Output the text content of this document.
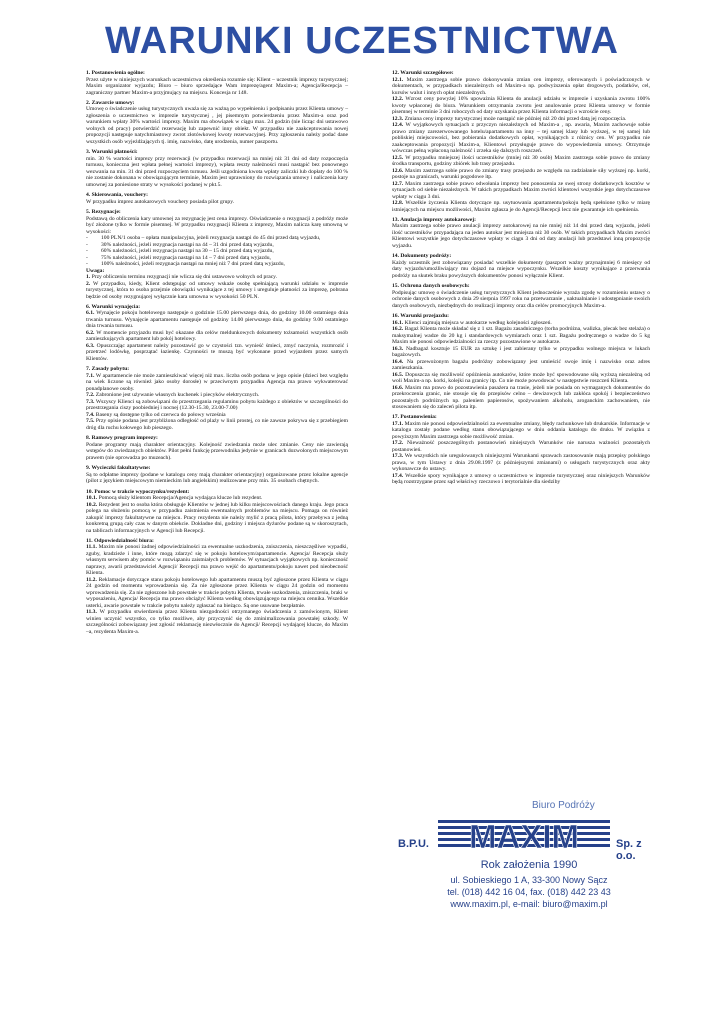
WARUNKI UCZESTNICTWA
1. Postanowienia ogólne:
Przez użyte w niniejszych warunkach uczestnictwa określenia rozumie się: Klient – uczestnik imprezy turystycznej; Maxim organizator wyjazdu; Biuro – biuro sprzedające Wam imprezę/agent Maxim-a; Agencja/Recepcja – zagraniczny partner Maxim-a przyjmujący na miejscu. Koncesja nr 148.
2. Zawarcie umowy:
Umowę o świadczenie usług turystycznych uważa się za ważną po wypełnieniu i podpisaniu przez Klienta umowy – zgłoszenia o uczestnictwo w imprezie turystycznej , jej pisemnym potwierdzeniu przez Maxim-a oraz pod warunkiem wpłaty 30% wartości imprezy. Maxim ma obowiązek w ciągu max. 24 godzin (nie licząc dni ustawowo wolnych od pracy) potwierdzić rezerwację lub zapewnić inny obiekt. W przypadku nie zaakceptowania nowej propozycji następuje natychmiastowy zwrot złotówkowej kwoty rezerwacyjnej. Przy zgłoszeniu należy podać dane wszystkich osób wyjeżdżających tj. imię, nazwisko, datę urodzenia, numer paszportu.
3. Warunki płatności:
min. 30 % wartości imprezy przy rezerwacji (w przypadku rezerwacji na mniej niż 31 dni od daty rozpoczęcia turnusu, konieczna jest wpłata pełnej wartości imprezy), wpłata reszty należności musi nastąpić bez ponownego wezwania na min. 31 dni przed rozpoczęciem turnusu. Jeśli uzgodniona kwota wpłaty zaliczki lub dopłaty do 100 % nie zostanie dokonana w obowiązującym terminie, Maxim jest uprawniony do rozwiązania umowy i naliczenia kary umownej za poniesione straty w wysokości podanej w pkt.5.
4. Skierowania, vouchery:
W przypadku imprez autokarowych vouchery posiada pilot grupy.
5. Rezygnacje:
Podstawą do obliczenia kary umownej za rezygnację jest cena imprezy. Oświadczenie o rezygnacji z podróży może być złożone tylko w formie pisemnej. W przypadku rezygnacji Klienta z imprezy, Maxim nalicza karę umowną w wysokości:
- 100 PLN/1 osoba – opłata manipulacyjna, jeżeli rezygnacja nastąpi do 45 dni przed datą wyjazdu,
- 30% należności, jeżeli rezygnacja nastąpi na 44 – 31 dni przed datą wyjazdu,
- 60% należności, jeżeli rezygnacja nastąpi na 30 – 15 dni przed datą wyjazdu,
- 75% należności, jeżeli rezygnacja nastąpi na 14 – 7 dni przed datą wyjazdu,
- 100% należności, jeżeli rezygnacja nastąpi na mniej niż 7 dni przed datą wyjazdu,
Uwaga:
1. Przy obliczeniu terminu rezygnacji nie wlicza się dni ustawowo wolnych od pracy.
2. W przypadku, kiedy, Klient odstępując od umowy wskaże osobę spełniającą warunki udziału w imprezie turystycznej, która to osoba przejmie obowiązki wynikające z tej umowy i ureguluje płatności za imprezę, pobrana będzie od osoby rezygnującej wyłącznie kara umowna w wysokości 50 PLN.
6. Warunki wynajęcia:
6.1. Wynajęcie pokoju hotelowego następuje o godzinie 15.00 pierwszego dnia, do godziny 10.00 ostatniego dnia trwania turnusu. Wynajęcie apartamentu następuje od godziny 14.00 pierwszego dnia, do godziny 9.00 ostatniego dnia trwania turnusu.
6.2. W momencie przyjazdu musi być okazane dla celów meldunkowych dokumenty tożsamości wszystkich osób zamieszkujących apartament lub pokój hotelowy.
6.3. Opuszczając apartament należy pozostawić go w czystości tzn. wynieść śmieci, zmyć naczynia, rozmrozić i przetrzeć lodówkę, posprzątać łazienkę. Czynności te muszą być wykonane przed wyjazdem przez samych Klientów.
7. Zasady pobytu:
7.1. W apartamencie nie może zamieszkiwać więcej niż max. liczba osób podana w jego opisie (dzieci bez względu na wiek liczone są również jako osoby dorosłe) w przeciwnym przypadku Agencja ma prawo wykwaterować ponadplanowe osoby.
7.2. Zabronione jest używanie własnych kuchenek i piecyków elektrycznych.
7.3. Wszyscy Klienci są zobowiązani do przestrzegania regulaminu pobytu każdego z obiektów w szczególności do przestrzegania ciszy poobiedniej i nocnej (12.30-15.30, 23.00-7.00)
7.4. Baseny są dostępne tylko od czerwca do połowy września
7.5. Przy opisie podana jest przybliżona odległość od plaży w linii prostej, co nie zawsze pokrywa się z przebiegiem dróg dla ruchu kołowego lub pieszego.
8. Ramowy program imprezy:
Podane programy mają charakter orientacyjny. Kolejność zwiedzania może ulec zmianie. Ceny nie zawierają wstępów do zwiedzanych obiektów. Pilot pełni funkcję przewodnika jedynie w granicach dozwolonych miejscowym prawem (nie oprowadza po muzeach).
9. Wycieczki fakultatywne:
Są to odpłatne imprezy (podane w katalogu ceny mają charakter orientacyjny) organizowane przez lokalne agencje (pilot z językiem miejscowym niemieckim lub angielskim) realizowane przy min. 35 osobach chętnych.
10. Pomoc w trakcie wypoczynku/rezydent:
10.1. Pomocą służy klientom Recepcja/Agencja wydająca klucze lub rezydent.
10.2. Rezydent jest to osoba która obsługuje Klientów w jednej lub kilku miejscowościach danego kraju. Jego praca polega na służeniu pomocą w przypadku zaistnienia ewentualnych problemów na miejscu. Pomaga on również zakupić imprezy fakultatywne na miejscu. Pracy rezydenta nie należy mylić z pracą pilota, który przebywa z jedną konkretną grupą cały czas w danym obiekcie. Dokładne dni, godziny i miejsca dyżurów podane są w skoroszytach, na tablicach informacyjnych w Agencji lub Recepcji.
11. Odpowiedzialność biura:
11.1. Maxim nie ponosi żadnej odpowiedzialności za ewentualne uszkodzenia, zniszczenia, nieszczęśliwe wypadki, zguby, kradzieże i inne, które mogą zdarzyć się w pokoju hotelowym/apartamencie. Agencja/ Recepcja służy własnym serwisem aby pomóc w rozwiązaniu zaistniałych problemów. W sytuacjach wyjątkowych np. konieczność naprawy, awarii przedstawiciel Agencji/ Recepcji ma prawo wejść do apartamentu/pokoju nawet pod nieobecność Klienta.
11.2. Reklamacje dotyczące stanu pokoju hotelowego lub apartamentu muszą być zgłoszone przez Klienta w ciągu 24 godzin od momentu wprowadzenia się. Za nie zgłoszone przez Klienta w ciągu 24 godzin od momentu wprowadzenia się. Za nie zgłoszone lub powstałe w trakcie pobytu Klienta, trwałe uszkodzenia, zniszczenia, braki w wyposażeniu, Agencja/ Recepcja ma prawo obciążyć Klienta według obowiązującego na miejscu cennika. Wszelkie usterki, awarie powstałe w trakcie pobytu należy zgłaszać na bieżąco. Są one usuwane bezpłatnie.
11.3. W przypadku stwierdzenia przez Klienta niezgodności otrzymanego świadczenia z zamówionym, Klient winien uczynić wszystko, co tylko możliwe, aby przyczynić się do zminimalizowania powstałej szkody. W szczególności zobowiązany jest zgłosić reklamację niezwłocznie do Agencji/ Recepcji wydającej klucze, do Maxim –a, rezydenta Maxim-a.
12. Warunki szczegółowe:
12.1. Maxim zastrzega sobie prawo dokonywania zmian cen imprezy, oferowanych i poświadczonych w dokumentach, w przypadkach niezależnych od Maxim-a np. podwyższenia opłat drogowych, podatków, cel, kursów walut i innych opłat niezależnych.
12.2. Wzrost ceny powyżej 10% upoważnia Klienta do anulacji udziału w imprezie i uzyskania zwrotu 100% kwoty wpłaconej do biura. Warunkiem otrzymania zwrotu jest anulowanie przez Klienta umowy w formie pisemnej w terminie 3 dni roboczych od daty uzyskania przez Klienta informacji o wzroście ceny.
12.3. Zmiana ceny imprezy turystycznej może nastąpić nie później niż 20 dni przed datą jej rozpoczęcia.
12.4. W wyjątkowych sytuacjach z przyczyn niezależnych od Maxim-a , np. awaria, Maxim zachowuje sobie prawo zmiany zarezerwowanego hotelu/apartamentu na inny – tej samej klasy lub wyższej, w tej samej lub pobliskiej miejscowości, bez pobierania dodatkowych opłat, wynikających z różnicy cen. W przypadku nie zaakceptowania propozycji Maxim-a, Klientowi przysługuje prawo do wypowiedzenia umowy. Otrzymuje wówczas pełną wpłaconą należność i zrzeka się dalszych roszczeń.
12.5. W przypadku mniejszej ilości uczestników (mniej niż 30 osób) Maxim zastrzega sobie prawo do zmiany środka transportu, godziny zbiórek lub trasy przejazdu.
12.6. Maxim zastrzega sobie prawo do zmiany trasy przejazdu ze względu na zadziałanie siły wyższej np. korki, postoje na granicach, warunki pogodowe itp.
12.7. Maxim zastrzega sobie prawo odwołania imprezy bez ponoszenia ze swej strony dodatkowych kosztów w sytuacjach od siebie niezależnych. W takich przypadkach Maxim zwróci klientowi wszystkie jego dotychczasowe wpłaty w ciągu 3 dni.
12.8. Wszelkie życzenia Klienta dotyczące np. usytuowania apartamentu/pokoju będą spełnione tylko w miarę istniejących na miejscu możliwości, Maxim zgłasza je do Agencji/Recepcji lecz nie gwarantuje ich spełnienia.
13. Anulacja imprezy autokarowej:
Maxim zastrzega sobie prawo anulacji imprezy autokarowej na nie mniej niż 14 dni przed datą wyjazdu, jeżeli ilość uczestników przypadająca na jeden autokar jest mniejsza niż 30 osób. W takich przypadkach Maxim zwróci Klientowi wszystkie jego dotychczasowe wpłaty w ciągu 3 dni od daty anulacji lub przedstawi inną propozycję wyjazdu.
14. Dokumenty podróży:
Każdy uczestnik jest zobowiązany posiadać wszelkie dokumenty (paszport ważny przynajmniej 6 miesięcy od daty wyjazdu/umożliwiający mu dojazd na miejsce wypoczynku. Wszelkie koszty wynikające z przerwania podróży na skutek braku powyższych dokumentów ponosi wyłącznie Klient.
15. Ochrona danych osobowych:
Podpisując umowę o świadczenie usług turystycznych Klient jednocześnie wyraża zgodę w rozumieniu ustawy o ochronie danych osobowych z dnia 29 sierpnia 1997 roku na przetwarzanie , uaktualnianie i udostępnianie swoich danych osobowych, niezbędnych do realizacji imprezy oraz dla celów promocyjnych Maxim-a.
16. Warunki przejazdu:
16.1. Klienci zajmują miejsca w autokarze według kolejności zgłoszeń.
16.2. Bagaż Klienta może składać się z 1 szt. Bagażu zasadniczego (torba podróżna, walizka, plecak bez stelaża) o maksymalnej wadze do 20 kg i standardowych wymiarach oraz 1 szt. Bagażu podręcznego o wadze do 5 kg Maxim nie ponosi odpowiedzialności za rzeczy pozostawione w autokarze.
16.3. Nadbagaż kosztuje 15 EUR za sztukę i jest zabierany tylko w przypadku wolnego miejsca w lukach bagażowych.
16.4. Na przewożonym bagażu podróżny zobowiązany jest umieścić swoje imię i nazwisko oraz adres zamieszkania.
16.5. Dopuszcza się możliwość opóźnienia autokarów, które może być spowodowane siłą wyższą niezależną od woli Maxim-a np. korki, kolejki na granicy itp. Co nie może powodować w następstwie roszczeń Klienta.
16.6. Maxim ma prawo do pozostawienia pasażera na trasie, jeżeli nie posiada on wymaganych dokumentów do przekroczenia granic, nie stosuje się do przepisów celno – dewizowych lub zakłóca spokój i bezpieczeństwo pozostałych podróżnych np. paleniem papierosów, spożywaniem alkoholu, aroganckim zachowaniem, nie stosowaniem się do zaleceń pilota itp.
17. Postanowienia:
17.1. Maxim nie ponosi odpowiedzialności za ewentualne zmiany, błędy rachunkowe lub drukarskie. Informacje w katalogu zostały podane według stanu obowiązującego w dniu oddania katalogu do druku. W związku z powyższym Maxim zastrzega sobie możliwość zmian.
17.2. Nieważność poszczególnych postanowień niniejszych Warunków nie narusza ważności pozostałych postanowień.
17.3. We wszystkich nie uregulowanych niniejszymi Warunkami sprawach zastosowanie mają przepisy polskiego prawa, w tym Ustawy z dnia 29.08.1997 (z późniejszymi zmianami) o usługach turystycznych oraz akty wykonawcze do ustawy.
17.4. Wszelkie spory wynikające z umowy o uczestnictwo w imprezie turystycznej oraz niniejszych Warunków będą rozstrzygane przez sąd właściwy rzeczowo i terytorialnie dla siedziby
Biuro Podróży
B.P.U. MAXIM	Sp. z o.o.
Rok założenia 1990
ul. Sobieskiego 1 A, 33-300 Nowy Sącz
tel. (018) 442 16 04, fax. (018) 442 23 43
www.maxim.pl, e-mail: biuro@maxim.pl
